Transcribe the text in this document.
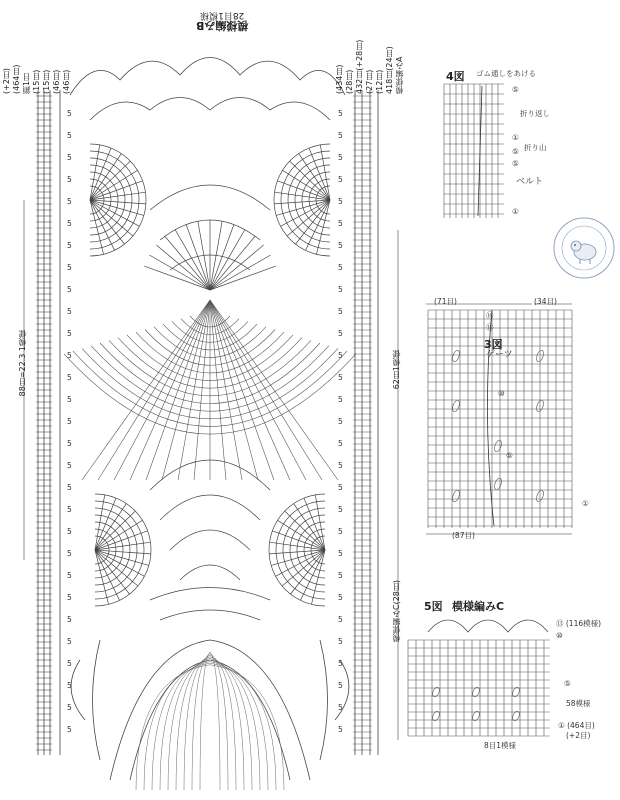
模様編みB
28目1模様
(46目)
(46目)
(15目)
(15目)
鎖1目
(464目)
(+2目)	模様編みA
418目(24目)
(12目)
(27目)
432目(+28目)
(28目)
(434目)
88目=22.3 1模様	62目1模様
模様編みC(28目)
5	5
5	5
5	5
5	5
5	5
5	5
5	5
5	5
5	5
5	5
5	5
5	5
5	5
5	5
5	5
5	5
5	5
5	5
5	5
5	5
5	5
5	5
5	5
5	5
5	5
5	5
5	5
5	5
5	5
4図 ゴム通しをあける
⑤
折り返し
①
折り山
⑤
⑤
ベルト
①
(71目)	(34目)
⑯
⑮
3図
ゲーツ
⑩
⑤
①
(87目)
5図 模様編みC
⑬ (116模様)
⑩
⑤
58模様
① (464目)
(+2目)
8目1模様
